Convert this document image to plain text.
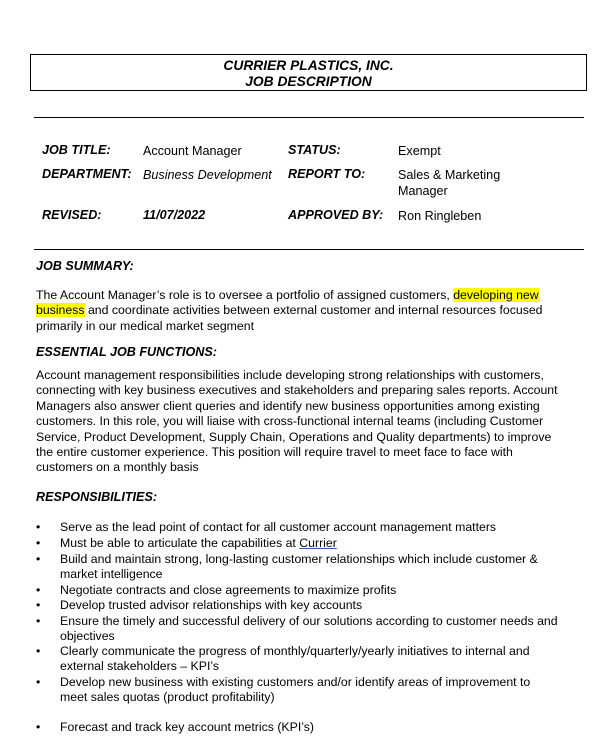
CURRIER PLASTICS, INC.
JOB DESCRIPTION
JOB TITLE:	Account Manager	STATUS:	Exempt
DEPARTMENT: Business Development REPORT TO:	Sales & Marketing
Manager
REVISED:	11/07/2022	APPROVED BY: Ron Ringleben
JOB SUMMARY:
The Account Manager’s role is to oversee a portfolio of assigned customers, developing new
business and coordinate activities between external customer and internal resources focused
primarily in our medical market segment
ESSENTIAL JOB FUNCTIONS:
Account management responsibilities include developing strong relationships with customers,
connecting with key business executives and stakeholders and preparing sales reports. Account
Managers also answer client queries and identify new business opportunities among existing
customers. In this role, you will liaise with cross-functional internal teams (including Customer
Service, Product Development, Supply Chain, Operations and Quality departments) to improve
the entire customer experience. This position will require travel to meet face to face with
customers on a monthly basis
RESPONSIBILITIES:
• Serve as the lead point of contact for all customer account management matters
• Must be able to articulate the capabilities at Currier
• Build and maintain strong, long-lasting customer relationships which include customer &
market intelligence
• Negotiate contracts and close agreements to maximize profits
• Develop trusted advisor relationships with key accounts
• Ensure the timely and successful delivery of our solutions according to customer needs and
objectives
• Clearly communicate the progress of monthly/quarterly/yearly initiatives to internal and
external stakeholders – KPI’s
• Develop new business with existing customers and/or identify areas of improvement to
meet sales quotas (product profitability)
• Forecast and track key account metrics (KPI’s)
